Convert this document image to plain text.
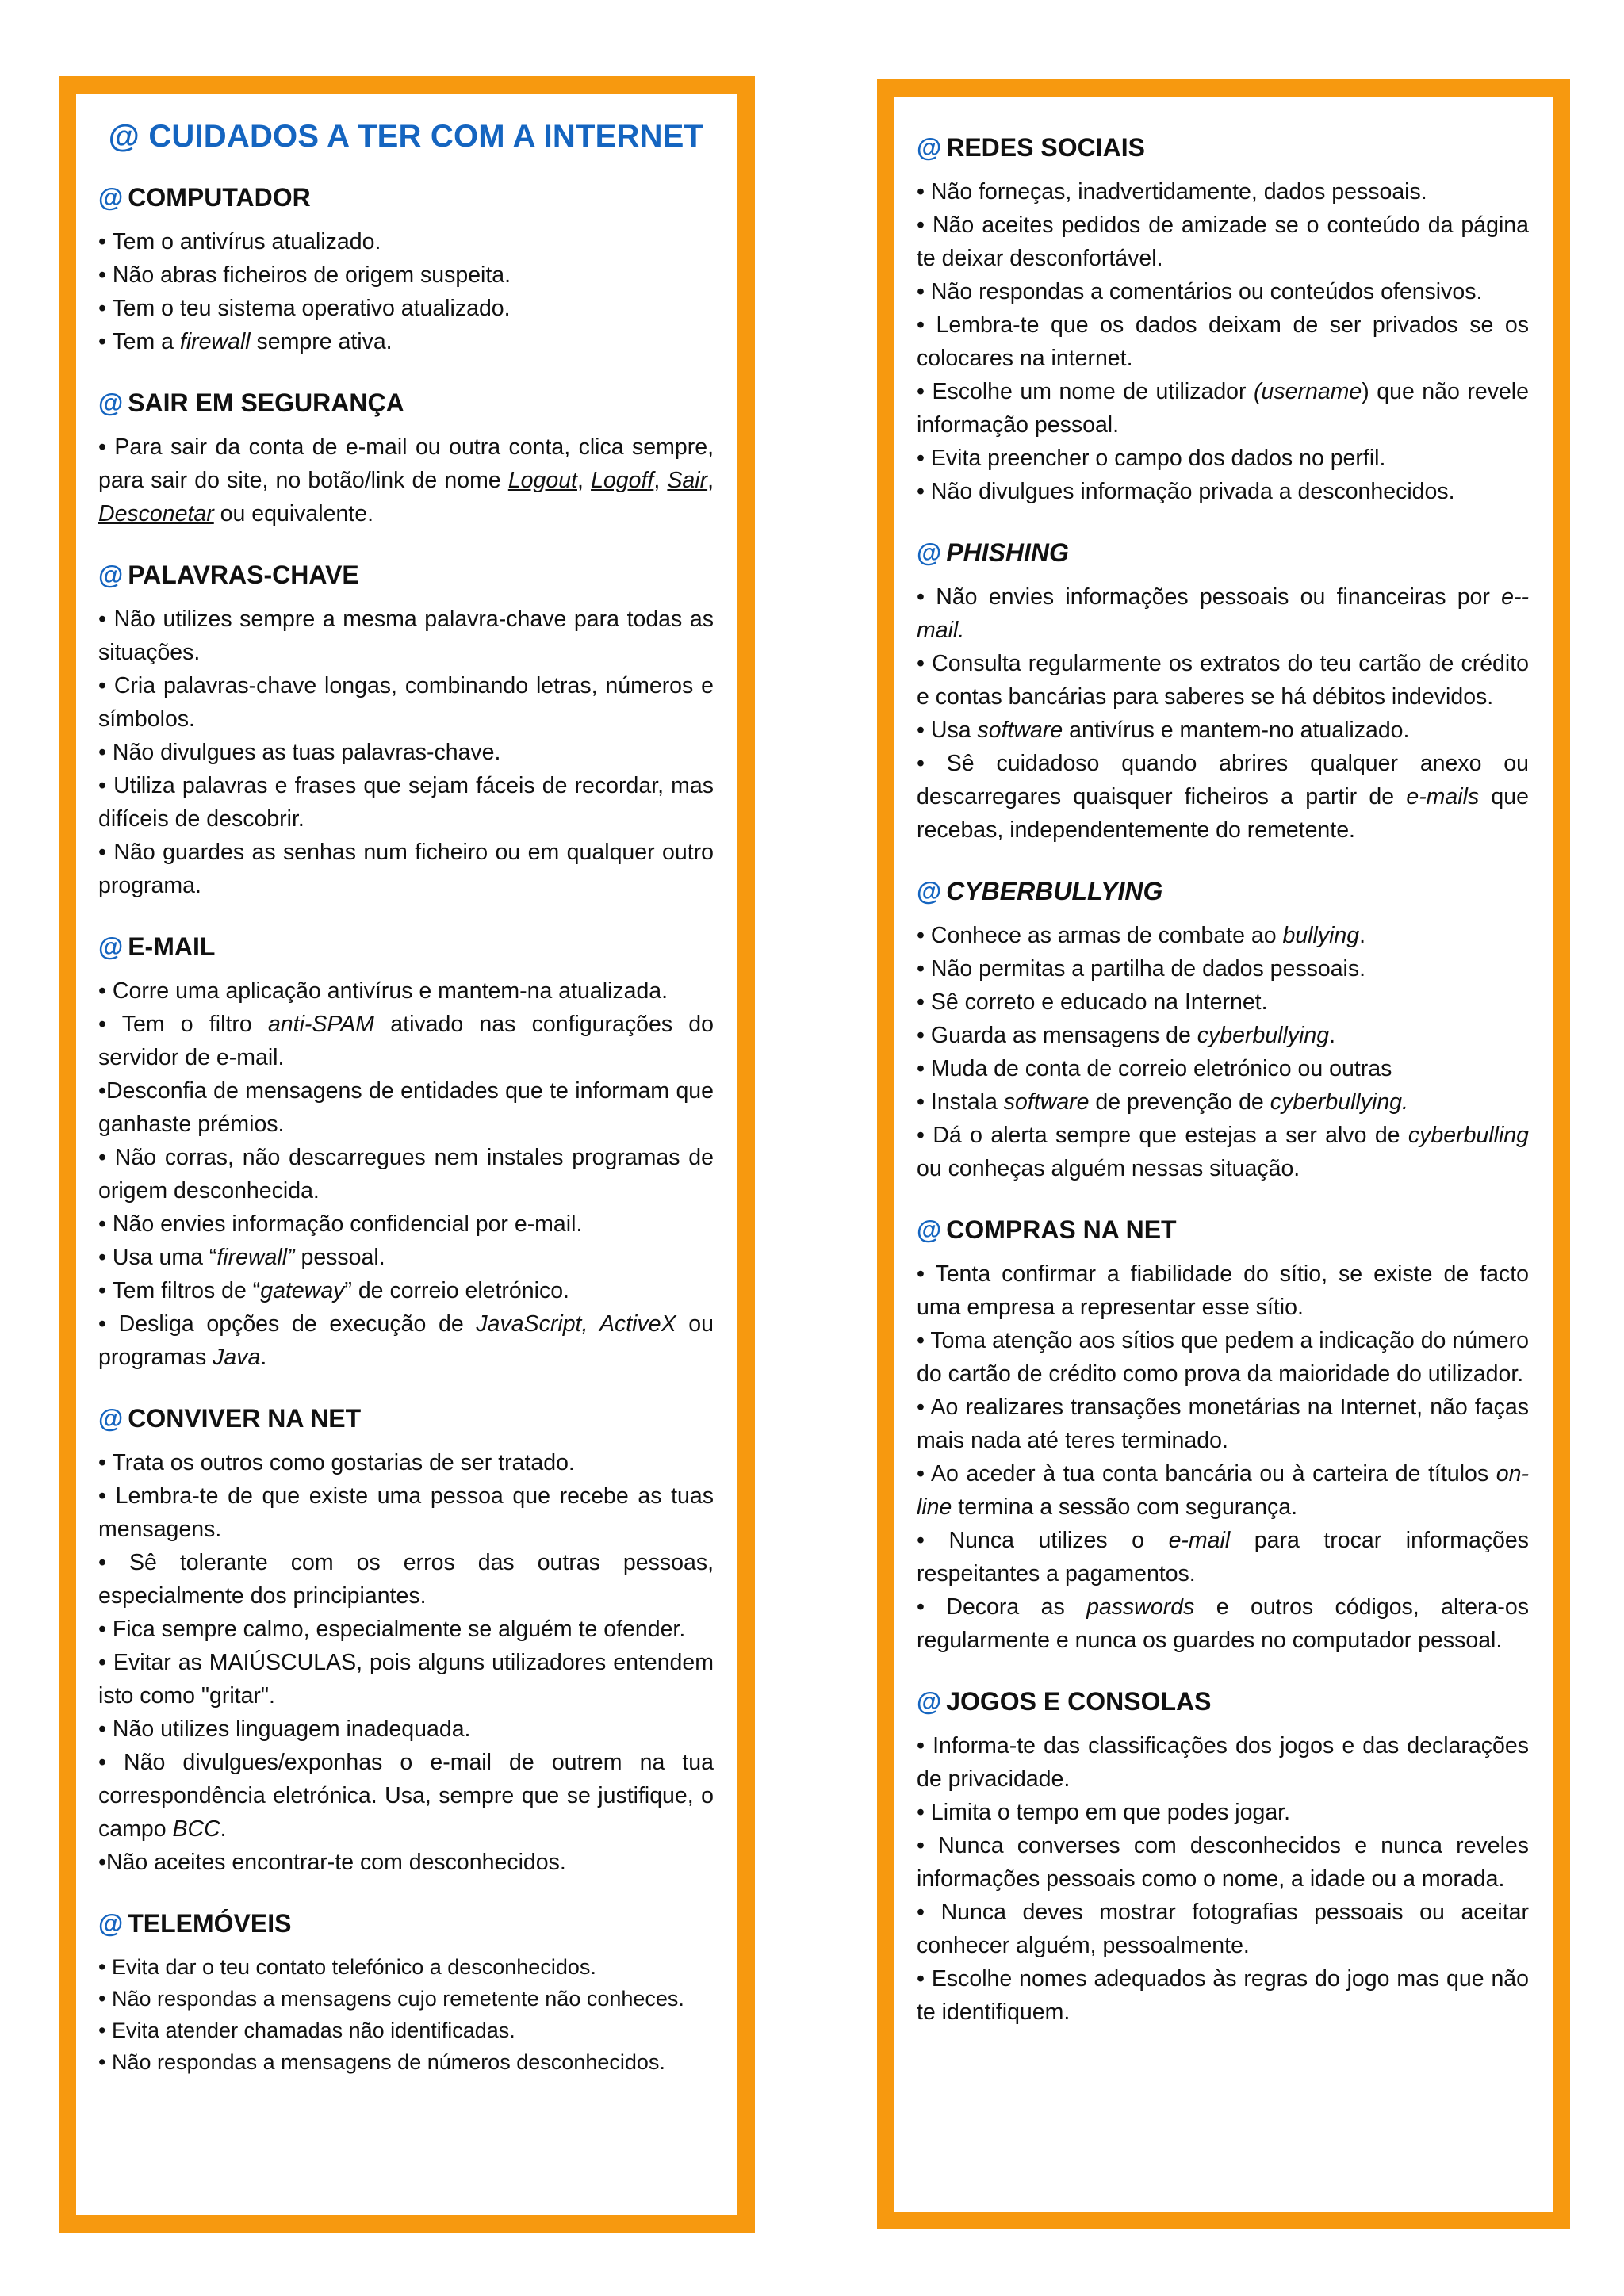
@ CUIDADOS A TER COM A INTERNET
@ COMPUTADOR

• Tem o antivírus atualizado.

• Não abras ficheiros de origem suspeita.

• Tem o teu sistema operativo atualizado.

• Tem a firewall sempre ativa.

@ SAIR EM SEGURANÇA

• Para sair da conta de e-mail ou outra conta, clica sempre, para sair do site, no botão/link de nome Logout, Logoff, Sair, Desconetar ou equivalente.

@ PALAVRAS-CHAVE

• Não utilizes sempre a mesma palavra-chave para todas as situações.

• Cria palavras-chave longas, combinando letras, números e símbolos.

• Não divulgues as tuas palavras-chave.

• Utiliza palavras e frases que sejam fáceis de recordar, mas difíceis de descobrir.

• Não guardes as senhas num ficheiro ou em qualquer outro programa.

@ E-MAIL

• Corre uma aplicação antivírus e mantem-na atualizada.

• Tem o filtro anti-SPAM ativado nas configurações do servidor de e-mail.

•Desconfia de mensagens de entidades que te informam que ganhaste prémios.

• Não corras, não descarregues nem instales programas de origem desconhecida.

• Não envies informação confidencial por e-mail.

• Usa uma “firewall” pessoal.

• Tem filtros de “gateway” de correio eletrónico.

• Desliga opções de execução de JavaScript, ActiveX ou programas Java.

@ CONVIVER NA NET

• Trata os outros como gostarias de ser tratado.

• Lembra-te de que existe uma pessoa que recebe as tuas mensagens.

• Sê tolerante com os erros das outras pessoas, especialmente dos principiantes.

• Fica sempre calmo, especialmente se alguém te ofender.

• Evitar as MAIÚSCULAS, pois alguns utilizadores entendem isto como "gritar".

• Não utilizes linguagem inadequada.

• Não divulgues/exponhas o e-mail de outrem na tua correspondência eletrónica. Usa, sempre que se justifique, o campo BCC.

•Não aceites encontrar-te com desconhecidos.

@ TELEMÓVEIS

• Evita dar o teu contato telefónico a desconhecidos.

• Não respondas a mensagens cujo remetente não conheces.

• Evita atender chamadas não identificadas.

• Não respondas a mensagens de números desconhecidos.

@ REDES SOCIAIS

• Não forneças, inadvertidamente, dados pessoais.

• Não aceites pedidos de amizade se o conteúdo da página te deixar desconfortável.

• Não respondas a comentários ou conteúdos ofensivos.

• Lembra-te que os dados deixam de ser privados se os colocares na internet.

• Escolhe um nome de utilizador (username) que não revele informação pessoal.

• Evita preencher o campo dos dados no perfil.

• Não divulgues informação privada a desconhecidos.

@ PHISHING

• Não envies informações pessoais ou financeiras por e-- mail.

• Consulta regularmente os extratos do teu cartão de crédito e contas bancárias para saberes se há débitos indevidos.

• Usa software antivírus e mantem-no atualizado.

• Sê cuidadoso quando abrires qualquer anexo ou descarregares quaisquer ficheiros a partir de e-mails que recebas, independentemente do remetente.

@ CYBERBULLYING

• Conhece as armas de combate ao bullying.

• Não permitas a partilha de dados pessoais.

• Sê correto e educado na Internet.

• Guarda as mensagens de cyberbullying.

• Muda de conta de correio eletrónico ou outras

• Instala software de prevenção de cyberbullying.

• Dá o alerta sempre que estejas a ser alvo de cyberbulling ou conheças alguém nessas situação.

@ COMPRAS NA NET

• Tenta confirmar a fiabilidade do sítio, se existe de facto uma empresa a representar esse sítio.

• Toma atenção aos sítios que pedem a indicação do número do cartão de crédito como prova da maioridade do utilizador.

• Ao realizares transações monetárias na Internet, não faças mais nada até teres terminado.

• Ao aceder à tua conta bancária ou à carteira de títulos on-line termina a sessão com segurança.

• Nunca utilizes o e-mail para trocar informações respeitantes a pagamentos.

• Decora as passwords e outros códigos, altera-os regularmente e nunca os guardes no computador pessoal.

@ JOGOS E CONSOLAS

• Informa-te das classificações dos jogos e das declarações de privacidade.

• Limita o tempo em que podes jogar.

• Nunca converses com desconhecidos e nunca reveles informações pessoais como o nome, a idade ou a morada.

• Nunca deves mostrar fotografias pessoais ou aceitar conhecer alguém, pessoalmente.

• Escolhe nomes adequados às regras do jogo mas que não te identifiquem.
